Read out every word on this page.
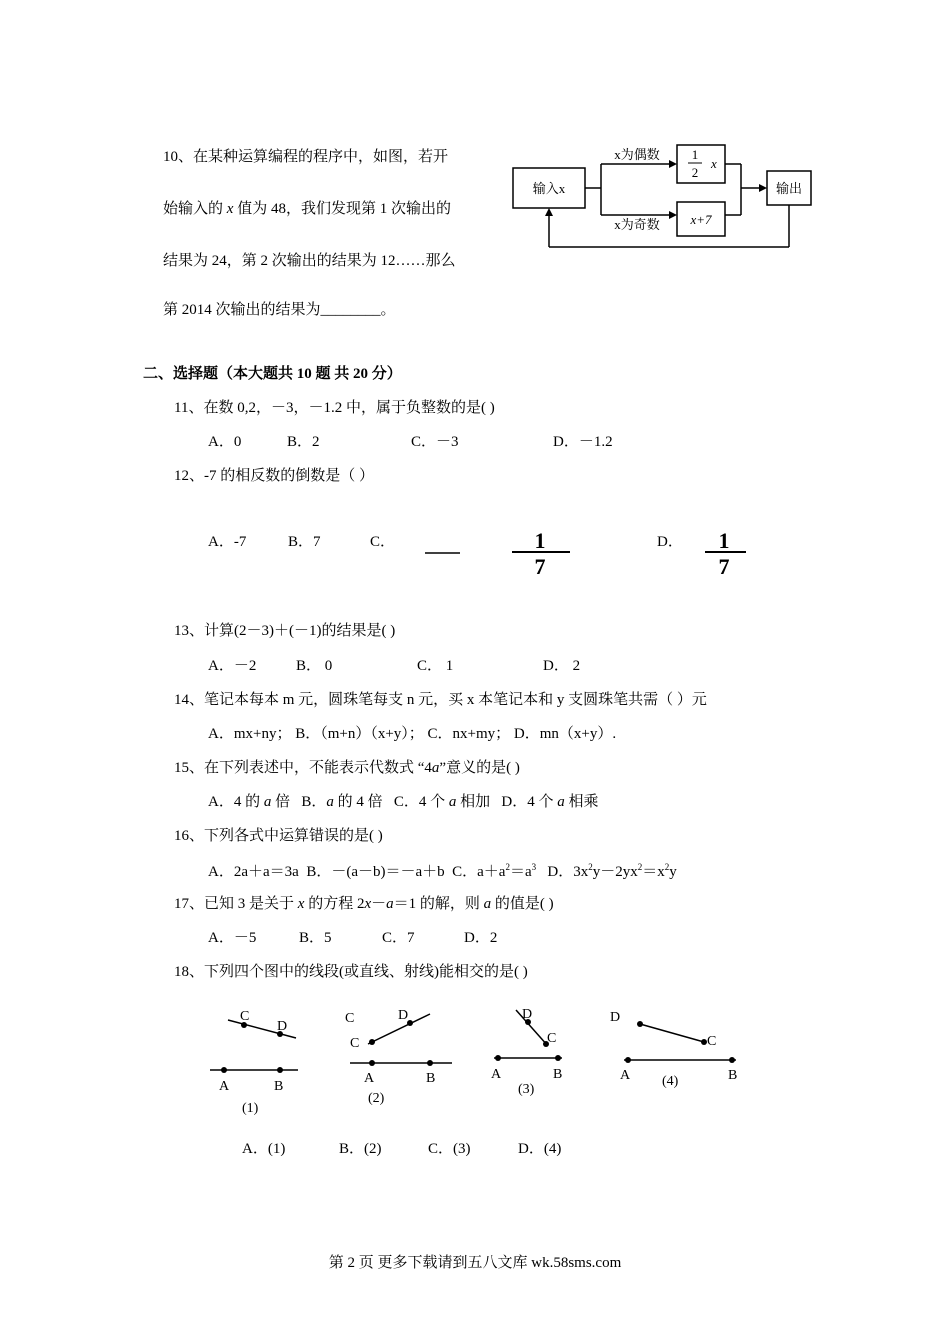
10、在某种运算编程的程序中，如图，若开
始输入的 x 值为 48，我们发现第 1 次输出的
结果为 24，第 2 次输出的结果为 12……那么
第 2014 次输出的结果为________。
输入x
1
2
x
x+7
输出
x为偶数
x为奇数
二、选择题（本大题共 10 题 共 20 分）
11、在数 0,2，－3，－1.2 中，属于负整数的是( )
A．0	B．2	C．－3	D．－1.2
12、-7 的相反数的倒数是（ ）
A．-7	B．7	C．	D．
1
7
1
7
13、计算(2－3)＋(－1)的结果是( )
A．－2	B． 0	C． 1	D． 2
14、笔记本每本 m 元，圆珠笔每支 n 元，买 x 本笔记本和 y 支圆珠笔共需（ ）元
A．mx+ny； B．（m+n）（x+y）； C．nx+my； D．mn（x+y）.
15、在下列表述中，不能表示代数式 “4a”意义的是( )
A．4 的 a 倍 B．a 的 4 倍 C．4 个 a 相加 D．4 个 a 相乘
16、下列各式中运算错误的是( )
A．2a＋a＝3a B．－(a－b)＝－a＋b C．$a+a^2=a^3$ D．$3x^2y-2yx^2=x^2y$
17、已知 3 是关于 x 的方程 2x－a＝1 的解，则 a 的值是( )
A．－5	B．5	C．7	D．2
18、下列四个图中的线段(或直线、射线)能相交的是( )
A	B
C
D
(1)
A	B
C	D
C
(2)
A	B
D
C
(3)
A	B
D
C
(4)
A．(1)	B．(2)	C．(3)	D．(4)
第 2 页 更多下载请到五八文库 wk.58sms.com
